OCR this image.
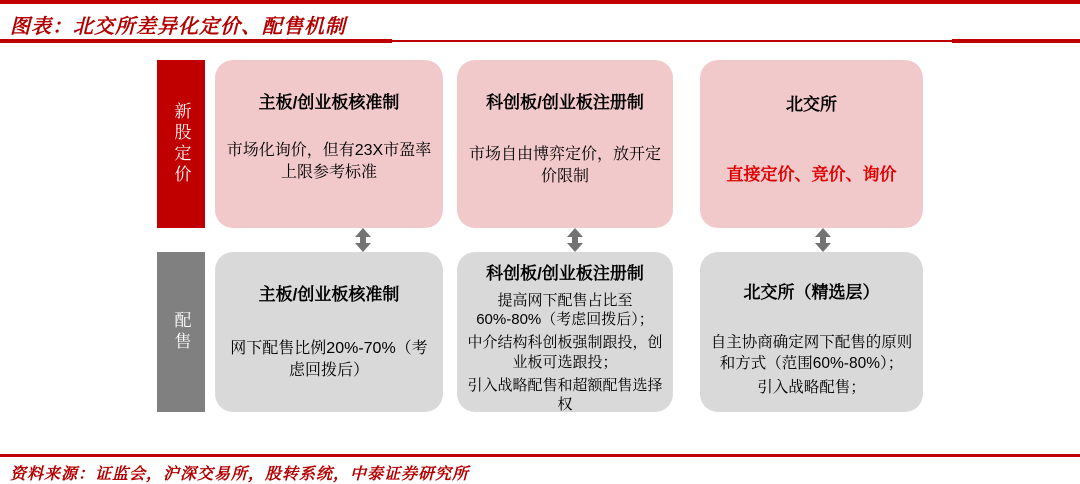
图表：北交所差异化定价、配售机制
新股定价	主板/创业板核准制

市场化询价，但有23X市盈率上限参考标准

科创板/创业板注册制

市场自由博弈定价，放开定价限制

北交所

直接定价、竞价、询价

配售
主板/创业板核准制

网下配售比例20%-70%（考虑回拨后）

科创板/创业板注册制

提高网下配售占比至60%-80%（考虑回拨后）；

中介结构科创板强制跟投，创业板可选跟投；

引入战略配售和超额配售选择权

北交所（精选层）

自主协商确定网下配售的原则和方式（范围60%-80%）；

引入战略配售；

资料来源：证监会，沪深交易所，股转系统，中泰证券研究所
